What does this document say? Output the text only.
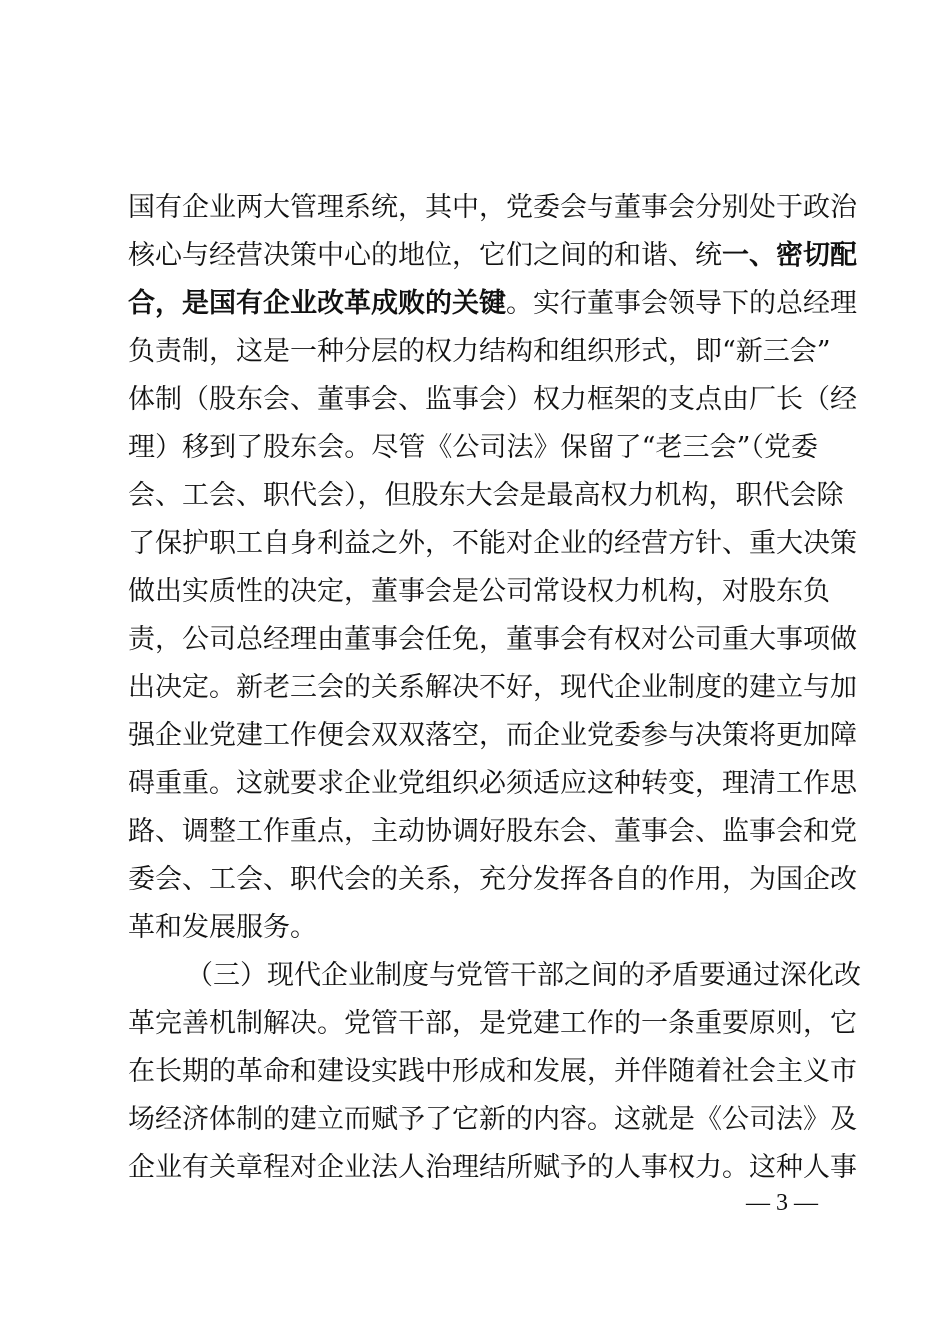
国有企业两大管理系统，其中，党委会与董事会分别处于政治
核心与经营决策中心的地位，它们之间的和谐、统一、密切配
合，是国有企业改革成败的关键。实行董事会领导下的总经理
负责制，这是一种分层的权力结构和组织形式，即“新三会”
体制（股东会、董事会、监事会）权力框架的支点由厂长（经
理）移到了股东会。尽管《公司法》保留了“老三会”（党委
会、工会、职代会），但股东大会是最高权力机构，职代会除
了保护职工自身利益之外，不能对企业的经营方针、重大决策
做出实质性的决定，董事会是公司常设权力机构，对股东负
责，公司总经理由董事会任免，董事会有权对公司重大事项做
出决定。新老三会的关系解决不好，现代企业制度的建立与加
强企业党建工作便会双双落空，而企业党委参与决策将更加障
碍重重。这就要求企业党组织必须适应这种转变，理清工作思
路、调整工作重点，主动协调好股东会、董事会、监事会和党
委会、工会、职代会的关系，充分发挥各自的作用，为国企改
革和发展服务。
（三）现代企业制度与党管干部之间的矛盾要通过深化改
革完善机制解决。党管干部，是党建工作的一条重要原则，它
在长期的革命和建设实践中形成和发展，并伴随着社会主义市
场经济体制的建立而赋予了它新的内容。这就是《公司法》及
企业有关章程对企业法人治理结所赋予的人事权力。这种人事
— 3 —
